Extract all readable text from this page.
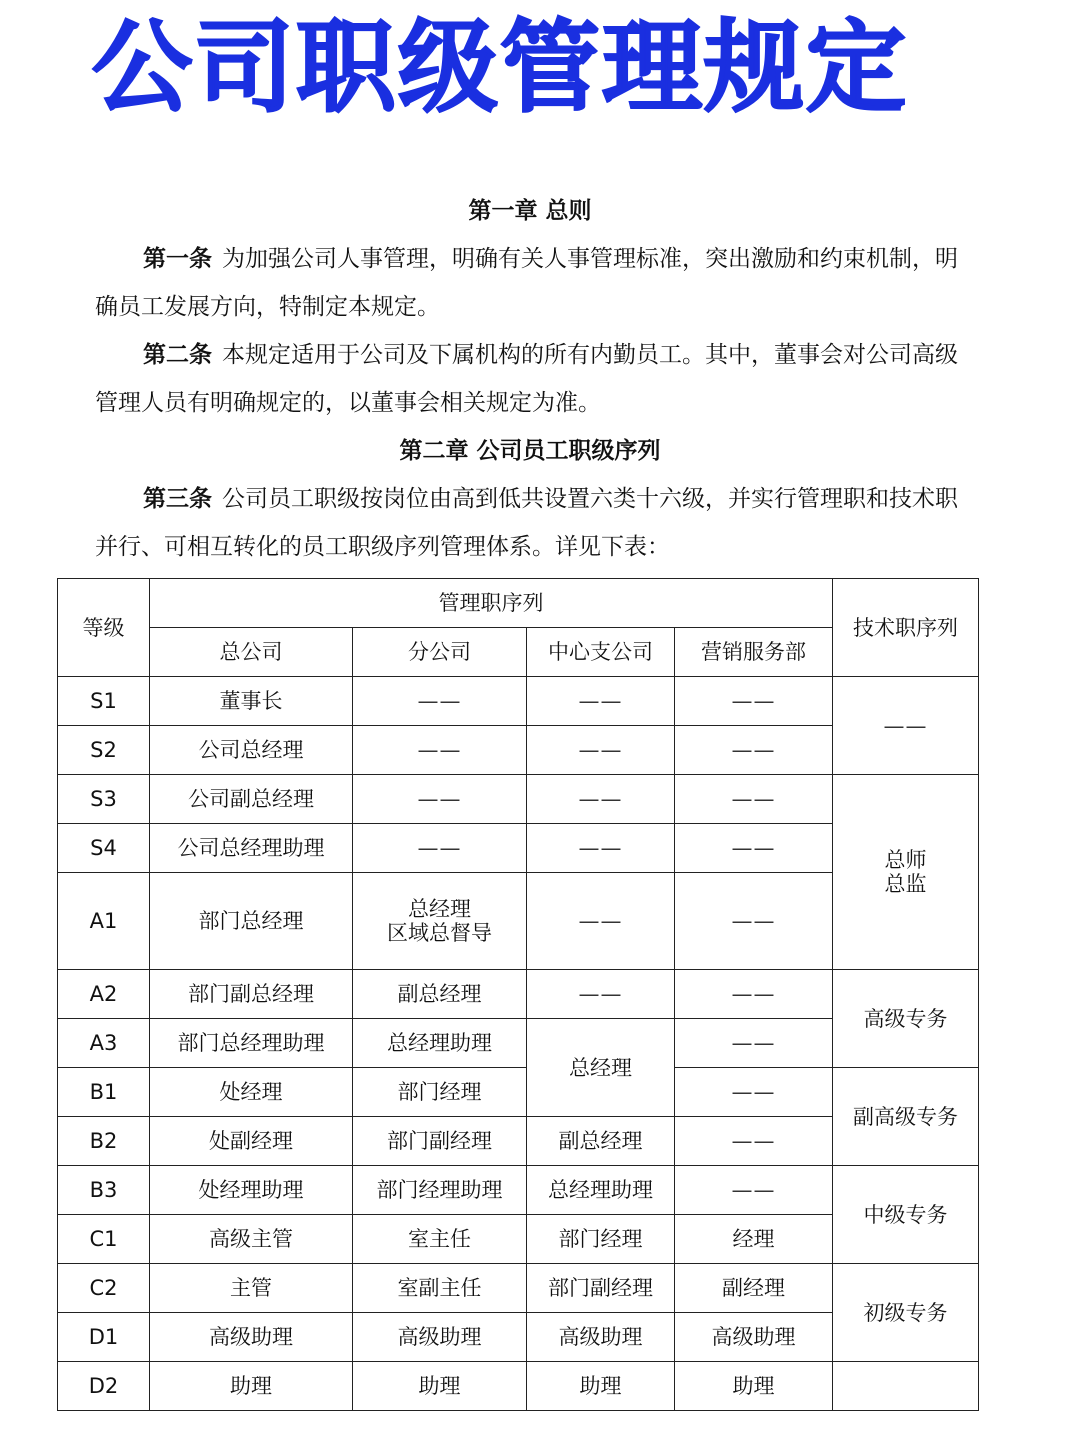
公司职级管理规定
第一章 总则

第一条 为加强公司人事管理，明确有关人事管理标准，突出激励和约束机制，明确员工发展方向，特制定本规定。

第二条 本规定适用于公司及下属机构的所有内勤员工。其中，董事会对公司高级管理人员有明确规定的，以董事会相关规定为准。

第二章 公司员工职级序列

第三条 公司员工职级按岗位由高到低共设置六类十六级，并实行管理职和技术职并行、可相互转化的员工职级序列管理体系。详见下表：

等级	管理职序列				技术职序列
	总公司	分公司	中心支公司	营销服务部	
S1	董事长	——	——	——	——
S2	公司总经理	——	——	——	
S3	公司副总经理	——	——	——	总师
总监

S4	公司总经理助理	——	——	——	
A1	部门总经理	总经理
区域总督导	——	——	
A2	部门副总经理	副总经理	——	——	高级专务
A3	部门总经理助理	总经理助理	总经理	——	
B1	处经理	部门经理		——	副高级专务
B2	处副经理	部门副经理	副总经理	——	
B3	处经理助理	部门经理助理	总经理助理	——	中级专务
C1	高级主管	室主任	部门经理	经理	
C2	主管	室副主任	部门副经理	副经理	初级专务
D1	高级助理	高级助理	高级助理	高级助理	
D2	助理	助理	助理	助理	
